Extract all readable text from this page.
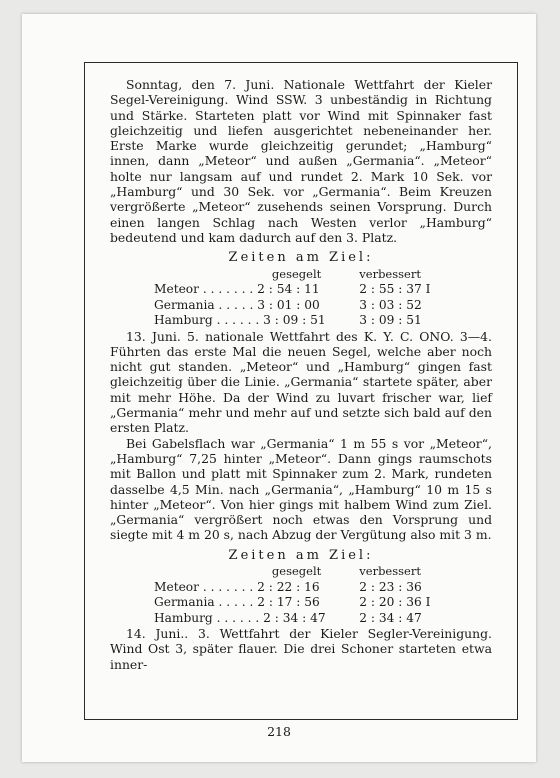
Sonntag, den 7. Juni. Nationale Wettfahrt der Kieler Segel-Vereinigung. Wind SSW. 3 unbeständig in Richtung und Stärke. Starteten platt vor Wind mit Spinnaker fast gleichzeitig und liefen ausgerichtet nebeneinander her. Erste Marke wurde gleichzeitig gerundet; „Hamburg“ innen, dann „Meteor“ und außen „Germania“. „Meteor“ holte nur langsam auf und rundet 2. Mark 10 Sek. vor „Hamburg“ und 30 Sek. vor „Germania“. Beim Kreuzen vergrößerte „Meteor“ zusehends seinen Vorsprung. Durch einen langen Schlag nach Westen verlor „Hamburg“ bedeutend und kam dadurch auf den 3. Platz.

Zeiten am Ziel:
gesegelt	verbessert
Meteor . . . . . . . 2 : 54 : 11	2 : 55 : 37 I
Germania . . . . . 3 : 01 : 00	3 : 03 : 52
Hamburg . . . . . . 3 : 09 : 51	3 : 09 : 51

13. Juni. 5. nationale Wettfahrt des K. Y. C. ONO. 3—4. Führten das erste Mal die neuen Segel, welche aber noch nicht gut standen. „Meteor“ und „Hamburg“ gingen fast gleichzeitig über die Linie. „Germania“ startete später, aber mit mehr Höhe. Da der Wind zu luvart frischer war, lief „Germania“ mehr und mehr auf und setzte sich bald auf den ersten Platz.

Bei Gabelsflach war „Germania“ 1 m 55 s vor „Meteor“, „Hamburg“ 7,25 hinter „Meteor“. Dann gings raumschots mit Ballon und platt mit Spinnaker zum 2. Mark, rundeten dasselbe 4,5 Min. nach „Germania“, „Hamburg“ 10 m 15 s hinter „Meteor“. Von hier gings mit halbem Wind zum Ziel. „Germania“ vergrößert noch etwas den Vorsprung und siegte mit 4 m 20 s, nach Abzug der Vergütung also mit 3 m.

Zeiten am Ziel:
gesegelt	verbessert
Meteor . . . . . . . 2 : 22 : 16	2 : 23 : 36
Germania . . . . . 2 : 17 : 56	2 : 20 : 36 I
Hamburg . . . . . . 2 : 34 : 47	2 : 34 : 47

14. Juni.. 3. Wettfahrt der Kieler Segler-Vereinigung. Wind Ost 3, später flauer. Die drei Schoner starteten etwa inner-

218
